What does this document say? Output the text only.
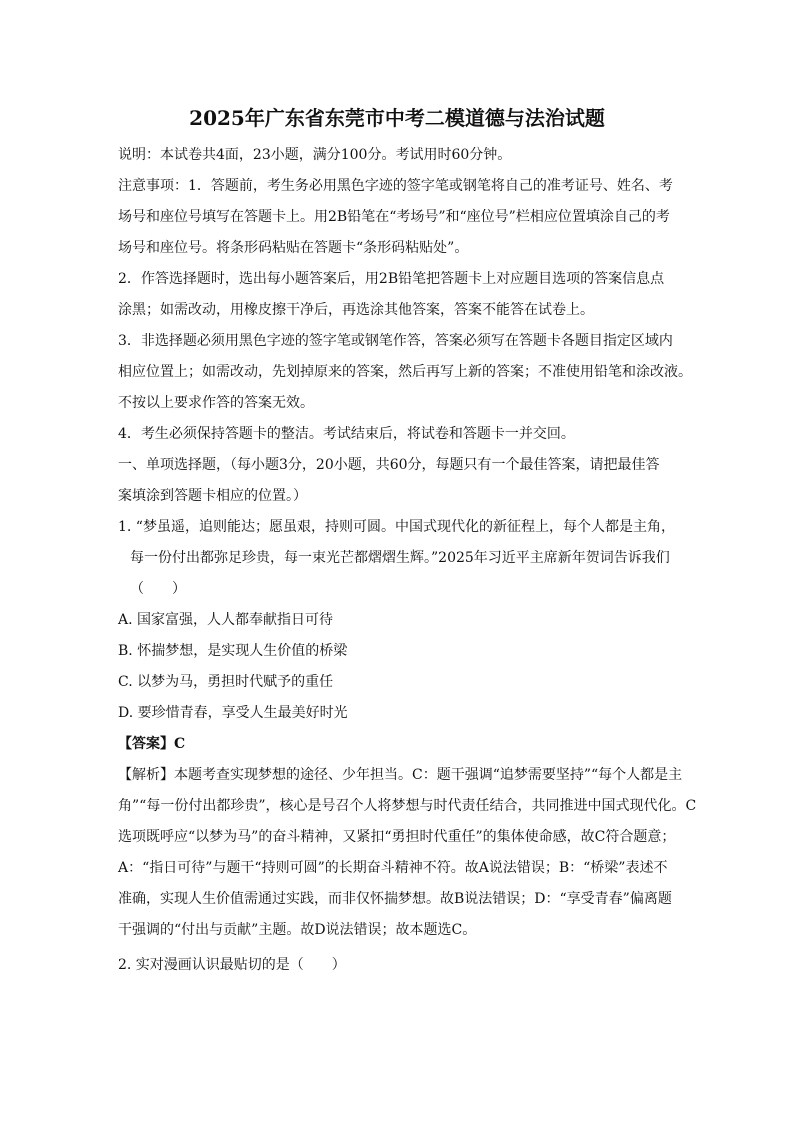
2025年广东省东莞市中考二模道德与法治试题
说明：本试卷共4面，23小题，满分100分。考试用时60分钟。
注意事项：1．答题前，考生务必用黑色字迹的签字笔或钢笔将自己的准考证号、姓名、考
场号和座位号填写在答题卡上。用2B铅笔在“考场号”和“座位号”栏相应位置填涂自己的考
场号和座位号。将条形码粘贴在答题卡“条形码粘贴处”。
2．作答选择题时，选出每小题答案后，用2B铅笔把答题卡上对应题目选项的答案信息点
涂黑；如需改动，用橡皮擦干净后，再选涂其他答案，答案不能答在试卷上。
3．非选择题必须用黑色字迹的签字笔或钢笔作答，答案必须写在答题卡各题目指定区域内
相应位置上；如需改动，先划掉原来的答案，然后再写上新的答案；不准使用铅笔和涂改液。
不按以上要求作答的答案无效。
4．考生必须保持答题卡的整洁。考试结束后，将试卷和答题卡一并交回。
一、单项选择题，（每小题3分，20小题，共60分，每题只有一个最佳答案，请把最佳答
案填涂到答题卡相应的位置。）
1. “梦虽遥，追则能达；愿虽艰，持则可圆。中国式现代化的新征程上，每个人都是主角，
每一份付出都弥足珍贵，每一束光芒都熠熠生辉。”2025年习近平主席新年贺词告诉我们
（　　）
A. 国家富强，人人都奉献指日可待
B. 怀揣梦想，是实现人生价值的桥梁
C. 以梦为马，勇担时代赋予的重任
D. 要珍惜青春，享受人生最美好时光
【答案】C
【解析】本题考查实现梦想的途径、少年担当。C：题干强调“追梦需要坚持”“每个人都是主
角”“每一份付出都珍贵”，核心是号召个人将梦想与时代责任结合，共同推进中国式现代化。C
选项既呼应“以梦为马”的奋斗精神，又紧扣“勇担时代重任”的集体使命感，故C符合题意；
A：“指日可待”与题干“持则可圆”的长期奋斗精神不符。故A说法错误；B：“桥梁”表述不
准确，实现人生价值需通过实践，而非仅怀揣梦想。故B说法错误；D：“享受青春”偏离题
干强调的“付出与贡献”主题。故D说法错误；故本题选C。
2. 实对漫画认识最贴切的是（　　）
